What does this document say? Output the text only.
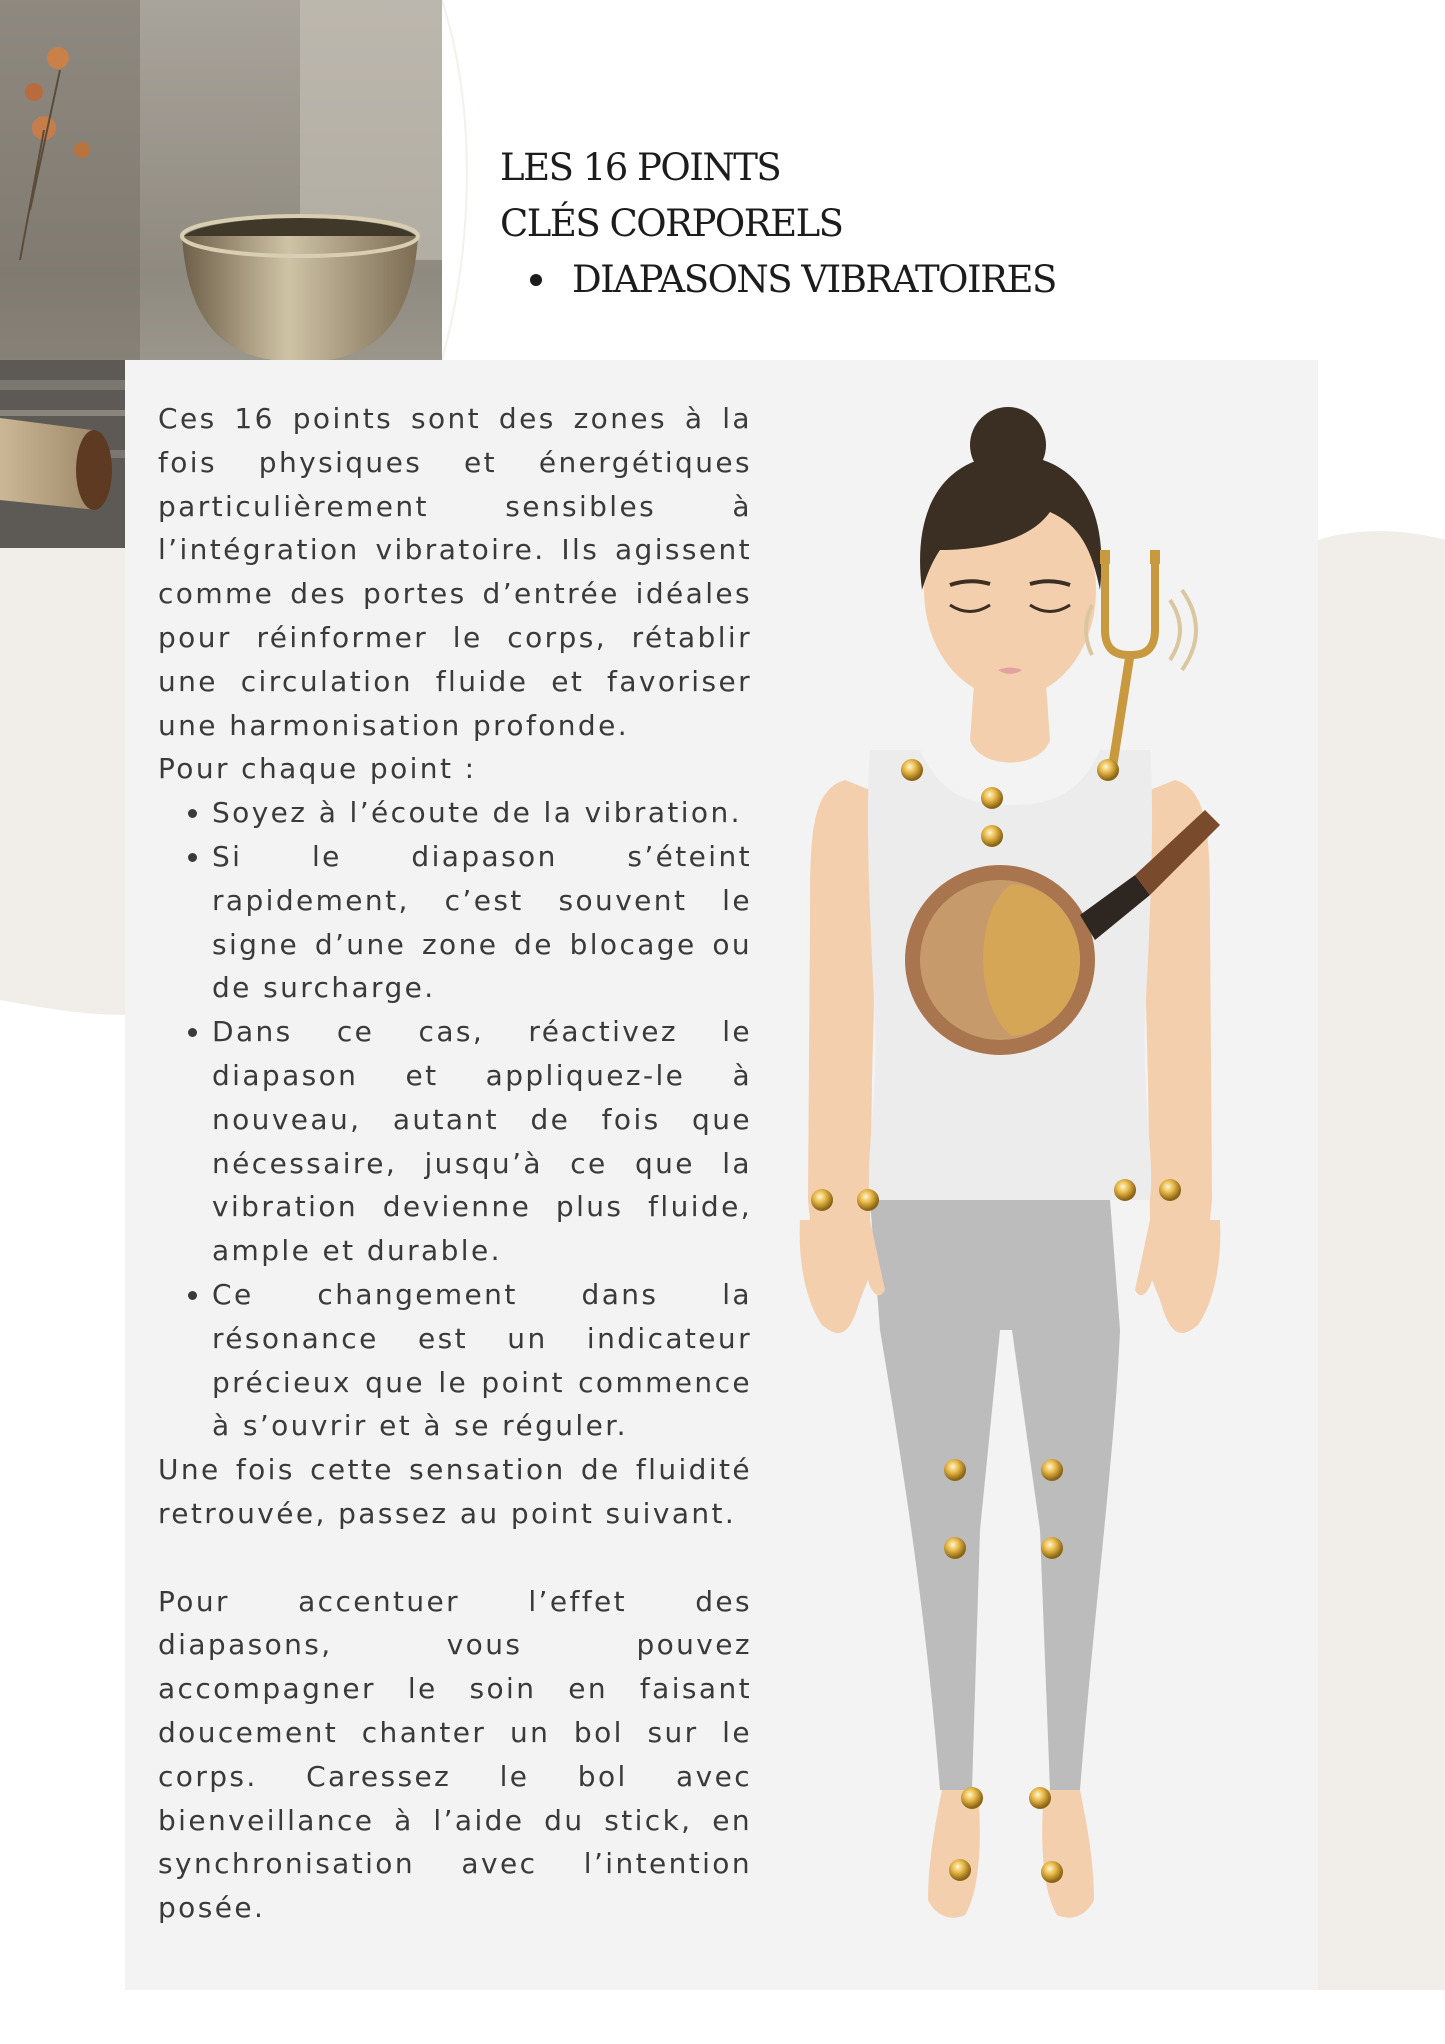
LES 16 POINTS
CLÉS CORPORELS
DIAPASONS VIBRATOIRES

Ces 16 points sont des zones à la fois physiques et énergétiques particulièrement sensibles à l’intégration vibratoire. Ils agissent comme des portes d’entrée idéales pour réinformer le corps, rétablir une circulation fluide et favoriser une harmonisation profonde.

Pour chaque point :

• Soyez à l’écoute de la vibration.
• Si le diapason s’éteint rapidement, c’est souvent le signe d’une zone de blocage ou de surcharge.
• Dans ce cas, réactivez le diapason et appliquez-le à nouveau, autant de fois que nécessaire, jusqu’à ce que la vibration devienne plus fluide, ample et durable.
• Ce changement dans la résonance est un indicateur précieux que le point commence à s’ouvrir et à se réguler.

Une fois cette sensation de fluidité retrouvée, passez au point suivant.

Pour accentuer l’effet des diapasons, vous pouvez accompagner le soin en faisant doucement chanter un bol sur le corps. Caressez le bol avec bienveillance à l’aide du stick, en synchronisation avec l’intention posée.
